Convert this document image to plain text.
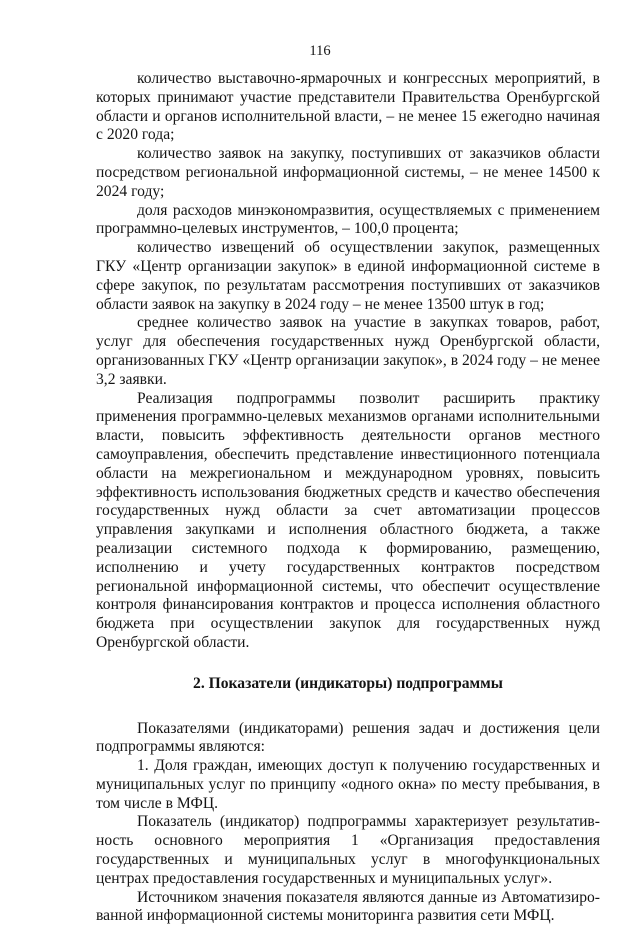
116

количество выставочно-ярмарочных и конгрессных мероприятий, в которых принимают участие представители Правительства Оренбургской области и органов исполнительной власти, – не менее 15 ежегодно начиная с 2020 года;

количество заявок на закупку, поступивших от заказчиков области посредством региональной информационной системы, – не менее 14500 к 2024 году;

доля расходов минэкономразвития, осуществляемых с применением программно-целевых инструментов, – 100,0 процента;

количество извещений об осуществлении закупок, размещенных ГКУ «Центр организации закупок» в единой информационной системе в сфере закупок, по результатам рассмотрения поступивших от заказчиков области заявок на закупку в 2024 году – не менее 13500 штук в год;

среднее количество заявок на участие в закупках товаров, работ, услуг для обеспечения государственных нужд Оренбургской области, организованных ГКУ «Центр организации закупок», в 2024 году – не менее 3,2 заявки.

Реализация подпрограммы позволит расширить практику применения программно-целевых механизмов органами исполнительными власти, повысить эффективность деятельности органов местного самоуправления, обеспечить представление инвестиционного потенциала области на межрегиональном и международном уровнях, повысить эффективность использования бюджетных средств и качество обеспечения государственных нужд области за счет автоматизации процессов управления закупками и исполнения областного бюджета, а также реализации системного подхода к формированию, размещению, исполнению и учету государственных контрактов посредством региональной информационной системы, что обеспечит осуществление контроля финансирования контрактов и процесса исполнения областного бюджета при осуществлении закупок для государственных нужд Оренбургской области.

2. Показатели (индикаторы) подпрограммы

Показателями (индикаторами) решения задач и достижения цели подпрограммы являются:

1. Доля граждан, имеющих доступ к получению государственных и муниципальных услуг по принципу «одного окна» по месту пребывания, в том числе в МФЦ.

Показатель (индикатор) подпрограммы характеризует результативность основного мероприятия 1 «Организация предоставления государственных и муниципальных услуг в многофункциональных центрах предоставления государственных и муниципальных услуг».

Источником значения показателя являются данные из Автоматизированной информационной системы мониторинга развития сети МФЦ.
